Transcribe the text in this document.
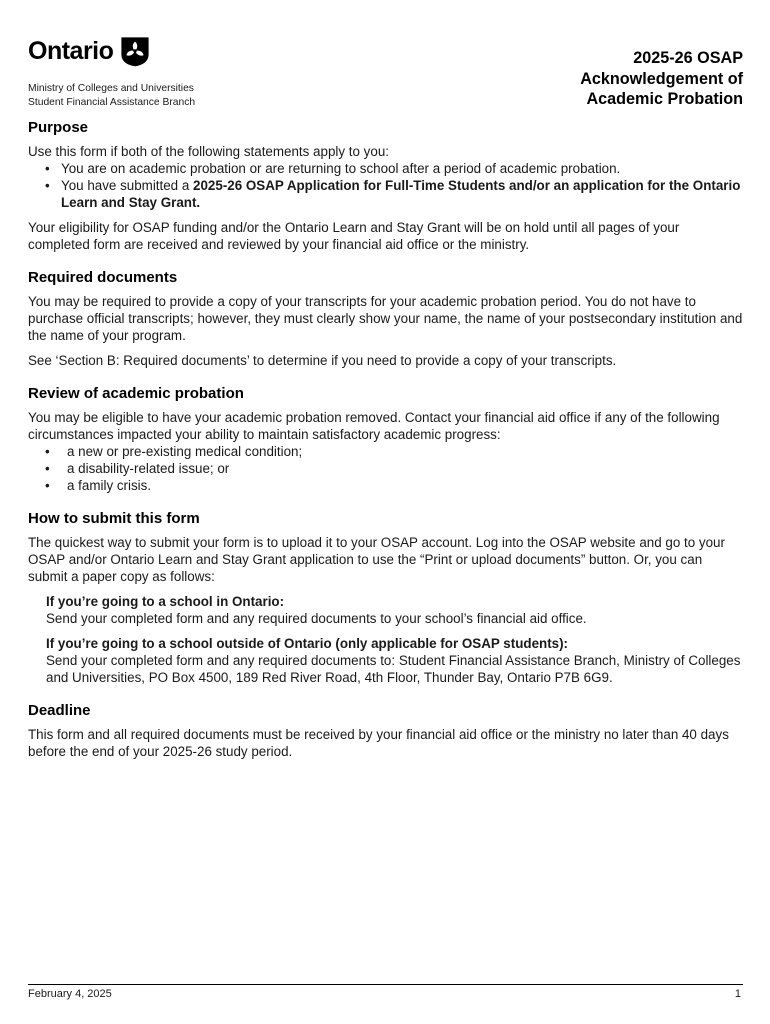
Ontario
Ministry of Colleges and Universities
Student Financial Assistance Branch
2025-26 OSAP
Acknowledgement of
Academic Probation
Purpose

Use this form if both of the following statements apply to you:

• You are on academic probation or are returning to school after a period of academic probation.
• You have submitted a 2025-26 OSAP Application for Full-Time Students and/or an application for the Ontario Learn and Stay Grant.

Your eligibility for OSAP funding and/or the Ontario Learn and Stay Grant will be on hold until all pages of your completed form are received and reviewed by your financial aid office or the ministry.

Required documents

You may be required to provide a copy of your transcripts for your academic probation period. You do not have to purchase official transcripts; however, they must clearly show your name, the name of your postsecondary institution and the name of your program.

See ‘Section B: Required documents’ to determine if you need to provide a copy of your transcripts.

Review of academic probation

You may be eligible to have your academic probation removed. Contact your financial aid office if any of the following circumstances impacted your ability to maintain satisfactory academic progress:

• a new or pre-existing medical condition;
• a disability-related issue; or
• a family crisis.
How to submit this form

The quickest way to submit your form is to upload it to your OSAP account. Log into the OSAP website and go to your OSAP and/or Ontario Learn and Stay Grant application to use the “Print or upload documents” button. Or, you can submit a paper copy as follows:

If you’re going to a school in Ontario:

Send your completed form and any required documents to your school’s financial aid office.

If you’re going to a school outside of Ontario (only applicable for OSAP students):

Send your completed form and any required documents to: Student Financial Assistance Branch, Ministry of Colleges and Universities, PO Box 4500, 189 Red River Road, 4th Floor, Thunder Bay, Ontario P7B 6G9.

Deadline

This form and all required documents must be received by your financial aid office or the ministry no later than 40 days before the end of your 2025-26 study period.

February 4, 2025	1
